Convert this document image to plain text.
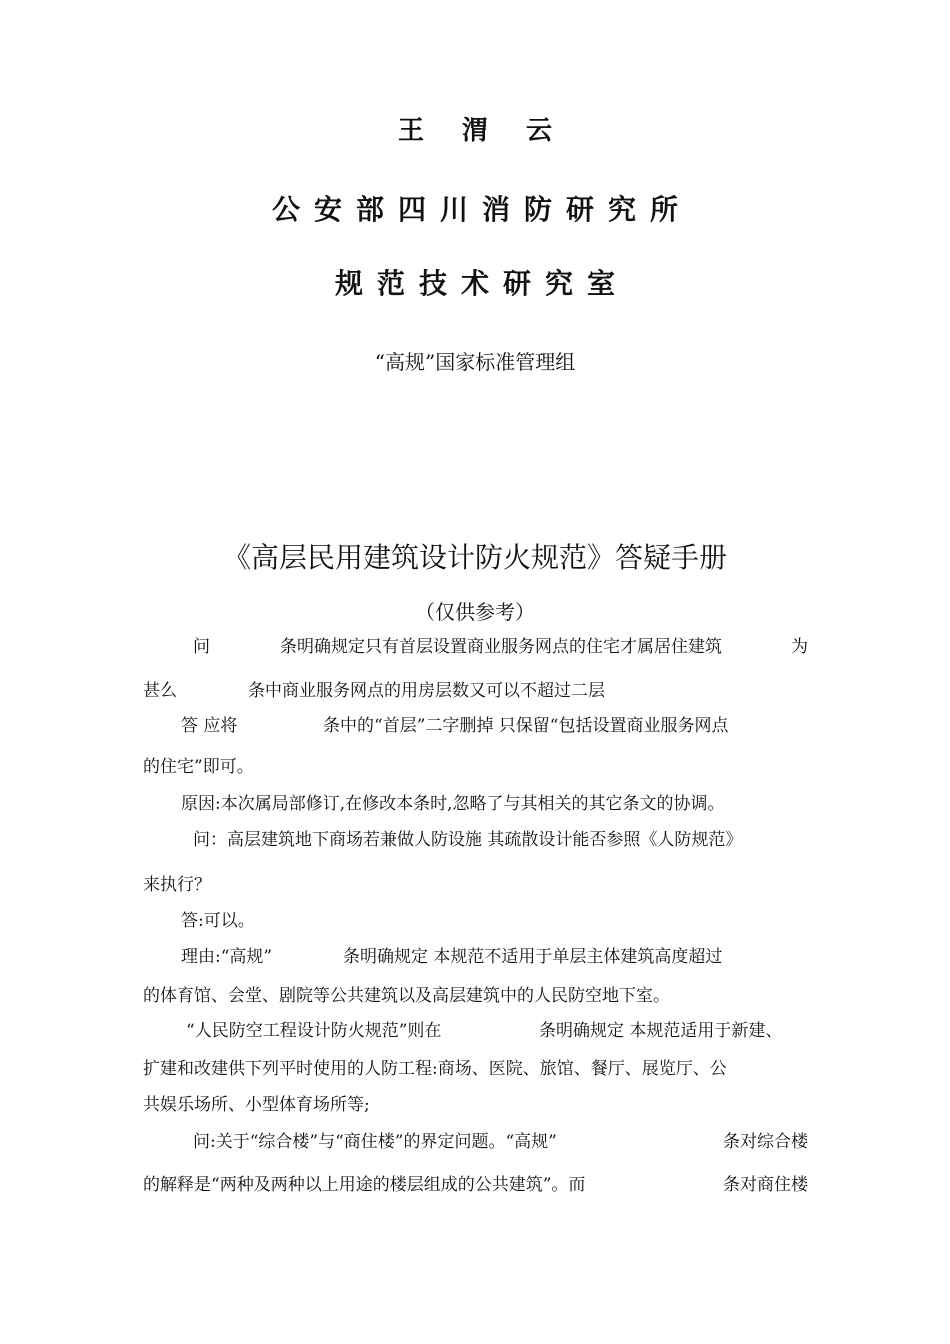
王渭云
公安部四川消防研究所
规范技术研究室
“高规”国家标准管理组
《高层民用建筑设计防火规范》答疑手册
（仅供参考）
问	条明确规定只有首层设置商业服务网点的住宅才属居住建筑	为
甚么	条中商业服务网点的用房层数又可以不超过二层
答 应将	条中的“首层”二字删掉 只保留“包括设置商业服务网点
的住宅”即可。
原因:本次属局部修订,在修改本条时,忽略了与其相关的其它条文的协调。
问：高层建筑地下商场若兼做人防设施 其疏散设计能否参照《人防规范》
来执行？
答:可以。
理由:“高规”	条明确规定 本规范不适用于单层主体建筑高度超过
的体育馆、会堂、剧院等公共建筑以及高层建筑中的人民防空地下室。
“人民防空工程设计防火规范”则在	条明确规定 本规范适用于新建、
扩建和改建供下列平时使用的人防工程:商场、医院、旅馆、餐厅、展览厅、公
共娱乐场所、小型体育场所等;
问:关于“综合楼”与“商住楼”的界定问题。“高规”	条对综合楼
的解释是“两种及两种以上用途的楼层组成的公共建筑”。而	条对商住楼
